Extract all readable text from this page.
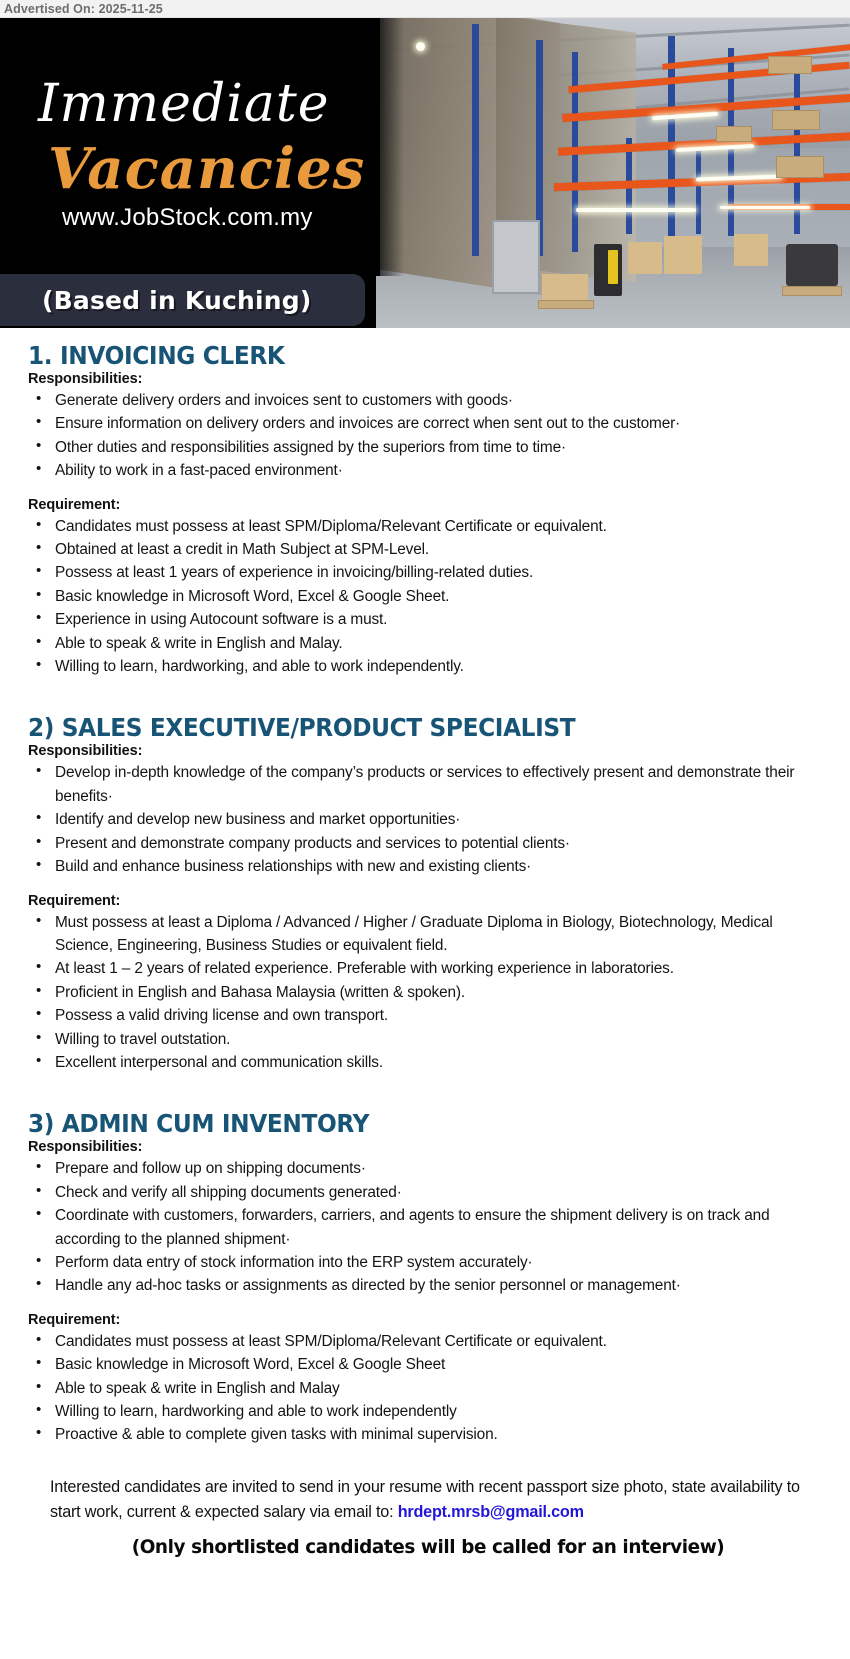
Advertised On: 2025-11-25
Immediate
Vacancies
www.JobStock.com.my
(Based in Kuching)
1. INVOICING CLERK
Responsibilities:
• Generate delivery orders and invoices sent to customers with goods·
• Ensure information on delivery orders and invoices are correct when sent out to the customer·
• Other duties and responsibilities assigned by the superiors from time to time·
• Ability to work in a fast-paced environment·
Requirement:
• Candidates must possess at least SPM/Diploma/Relevant Certificate or equivalent.
• Obtained at least a credit in Math Subject at SPM-Level.
• Possess at least 1 years of experience in invoicing/billing-related duties.
• Basic knowledge in Microsoft Word, Excel & Google Sheet.
• Experience in using Autocount software is a must.
• Able to speak & write in English and Malay.
• Willing to learn, hardworking, and able to work independently.
2) SALES EXECUTIVE/PRODUCT SPECIALIST
Responsibilities:
• Develop in-depth knowledge of the company’s products or services to effectively present and demonstrate their benefits·
• Identify and develop new business and market opportunities·
• Present and demonstrate company products and services to potential clients·
• Build and enhance business relationships with new and existing clients·
Requirement:
• Must possess at least a Diploma / Advanced / Higher / Graduate Diploma in Biology, Biotechnology, Medical Science, Engineering, Business Studies or equivalent field.
• At least 1 – 2 years of related experience. Preferable with working experience in laboratories.
• Proficient in English and Bahasa Malaysia (written & spoken).
• Possess a valid driving license and own transport.
• Willing to travel outstation.
• Excellent interpersonal and communication skills.
3) ADMIN CUM INVENTORY
Responsibilities:
• Prepare and follow up on shipping documents·
• Check and verify all shipping documents generated·
• Coordinate with customers, forwarders, carriers, and agents to ensure the shipment delivery is on track and according to the planned shipment·
• Perform data entry of stock information into the ERP system accurately·
• Handle any ad-hoc tasks or assignments as directed by the senior personnel or management·
Requirement:
• Candidates must possess at least SPM/Diploma/Relevant Certificate or equivalent.
• Basic knowledge in Microsoft Word, Excel & Google Sheet
• Able to speak & write in English and Malay
• Willing to learn, hardworking and able to work independently
• Proactive & able to complete given tasks with minimal supervision.
Interested candidates are invited to send in your resume with recent passport size photo, state availability to start work, current & expected salary via email to: hrdept.mrsb@gmail.com
(Only shortlisted candidates will be called for an interview)
